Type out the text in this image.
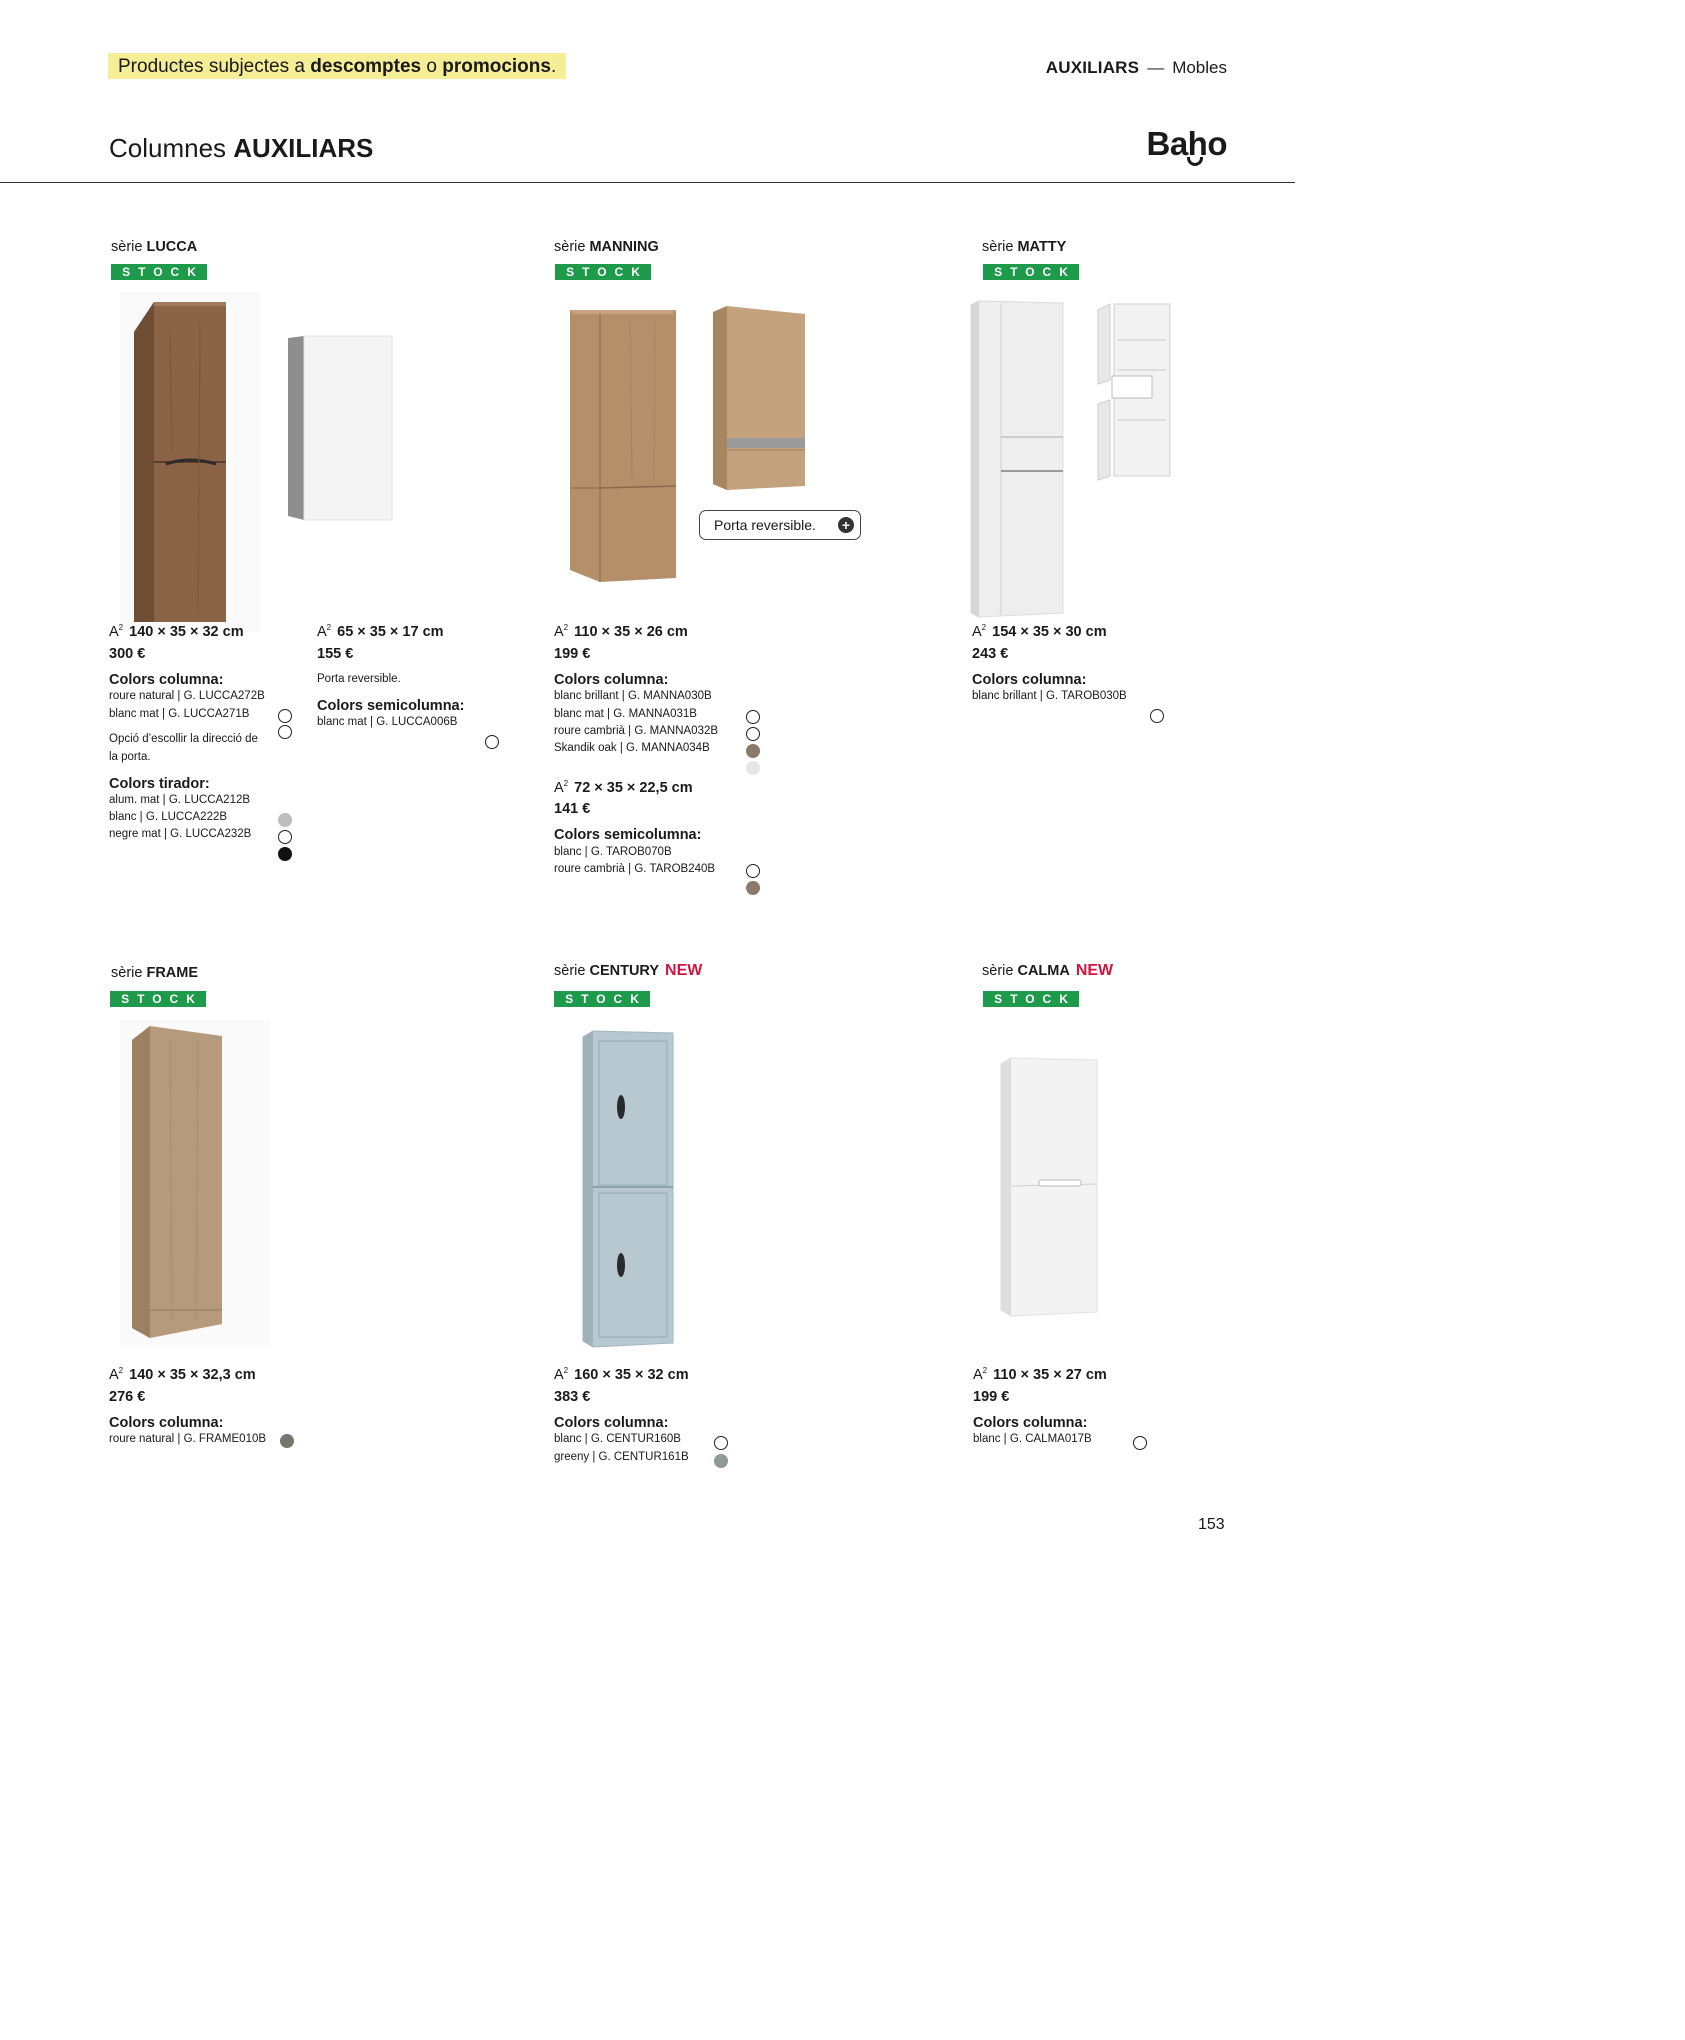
Productes subjectes a descomptes o promocions.	AUXILIARS — Mobles
Columnes AUXILIARS	Baho
sèrie LUCCA
STOCK
$A^2$ 140 × 35 × 32 cm
300 €
Colors columna:
roure natural | G. LUCCA272B
blanc mat | G. LUCCA271B
Opció d’escollir la direcció de la porta.
Colors tirador:
alum. mat | G. LUCCA212B
blanc | G. LUCCA222B
negre mat | G. LUCCA232B
$A^2$ 65 × 35 × 17 cm
155 €
Porta reversible.
Colors semicolumna:
blanc mat | G. LUCCA006B
sèrie MANNING
STOCK
Porta reversible. +
$A^2$ 110 × 35 × 26 cm
199 €
Colors columna:
blanc brillant | G. MANNA030B
blanc mat | G. MANNA031B
roure cambrià | G. MANNA032B
Skandik oak | G. MANNA034B
$A^2$ 72 × 35 × 22,5 cm
141 €
Colors semicolumna:
blanc | G. TAROB070B
roure cambrià | G. TAROB240B
sèrie MATTY
STOCK
$A^2$ 154 × 35 × 30 cm
243 €
Colors columna:
blanc brillant | G. TAROB030B
sèrie FRAME
STOCK
$A^2$ 140 × 35 × 32,3 cm
276 €
Colors columna:
roure natural | G. FRAME010B
sèrie CENTURY NEW
STOCK
$A^2$ 160 × 35 × 32 cm
383 €
Colors columna:
blanc | G. CENTUR160B
greeny | G. CENTUR161B
sèrie CALMA NEW
STOCK
$A^2$ 110 × 35 × 27 cm
199 €
Colors columna:
blanc | G. CALMA017B
153
